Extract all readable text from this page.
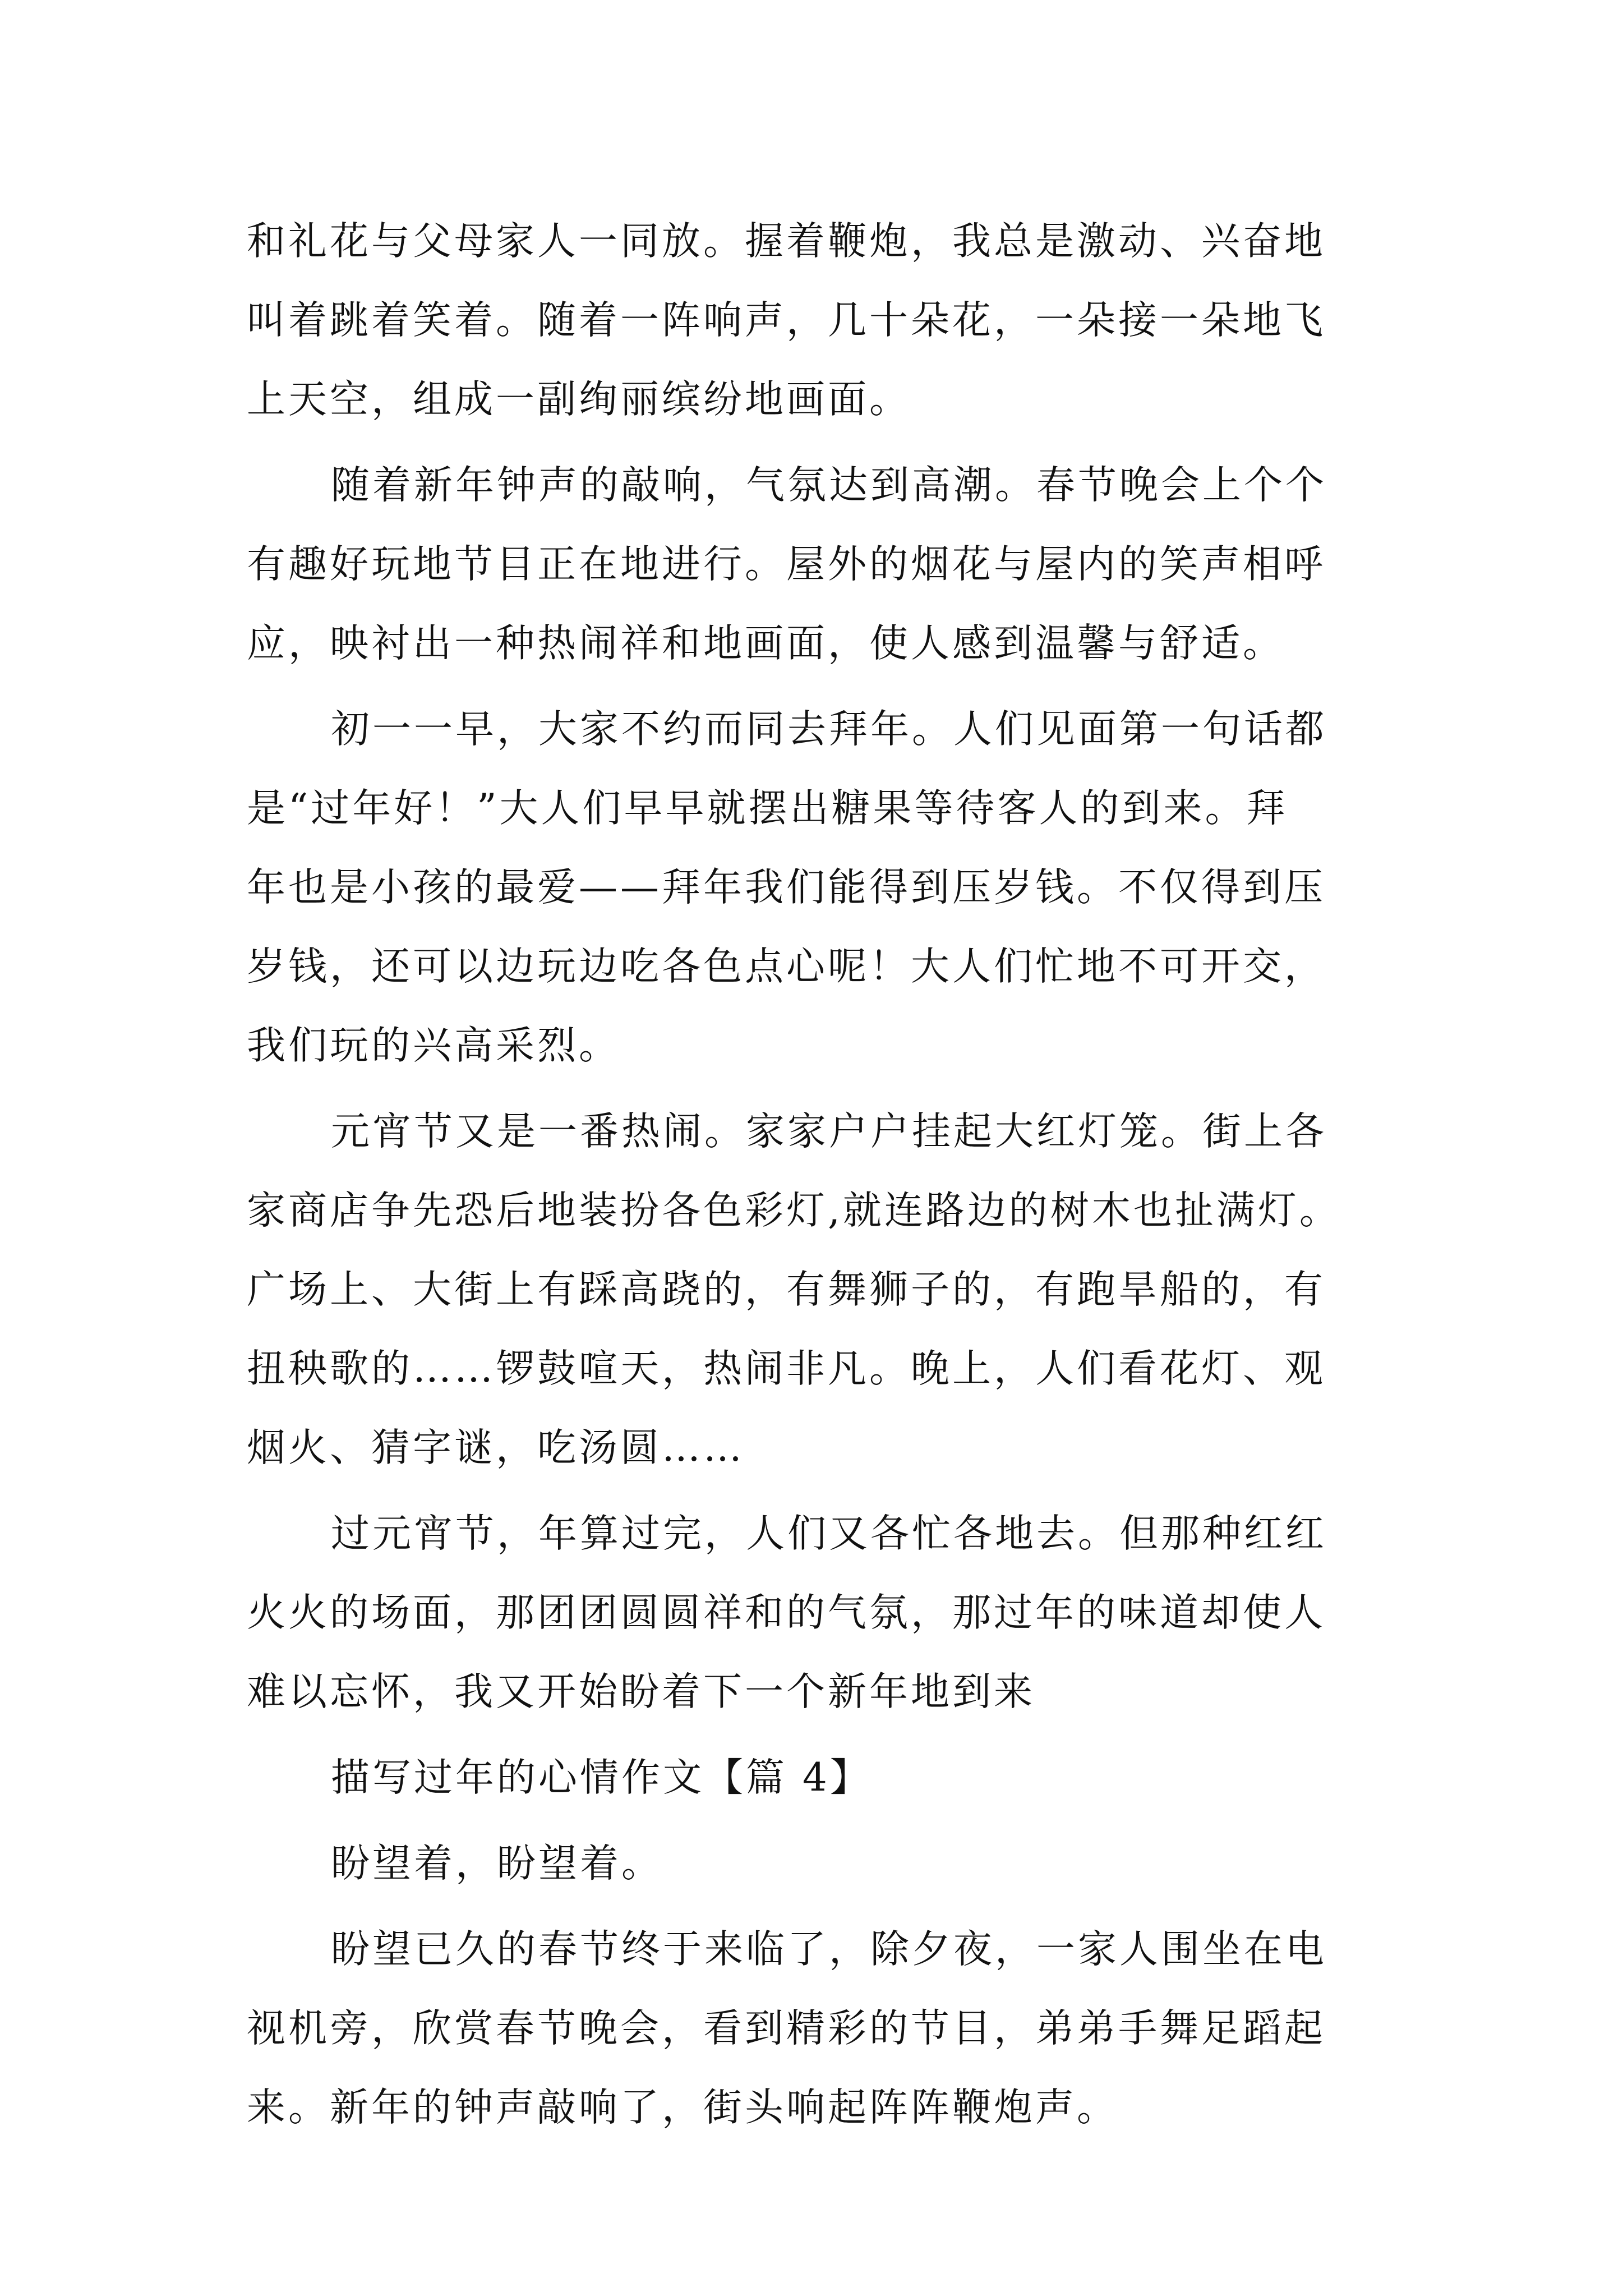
和礼花与父母家人一同放。握着鞭炮，我总是激动、兴奋地
叫着跳着笑着。随着一阵响声，几十朵花，一朵接一朵地飞
上天空，组成一副绚丽缤纷地画面。
随着新年钟声的敲响，气氛达到高潮。春节晚会上个个
有趣好玩地节目正在地进行。屋外的烟花与屋内的笑声相呼
应，映衬出一种热闹祥和地画面，使人感到温馨与舒适。
初一一早，大家不约而同去拜年。人们见面第一句话都
是“过年好！”大人们早早就摆出糖果等待客人的到来。拜
年也是小孩的最爱——拜年我们能得到压岁钱。不仅得到压
岁钱，还可以边玩边吃各色点心呢！大人们忙地不可开交，
我们玩的兴高采烈。
元宵节又是一番热闹。家家户户挂起大红灯笼。街上各
家商店争先恐后地装扮各色彩灯,就连路边的树木也扯满灯。
广场上、大街上有踩高跷的，有舞狮子的，有跑旱船的，有
扭秧歌的……锣鼓喧天，热闹非凡。晚上，人们看花灯、观
烟火、猜字谜，吃汤圆……
过元宵节，年算过完，人们又各忙各地去。但那种红红
火火的场面，那团团圆圆祥和的气氛，那过年的味道却使人
难以忘怀，我又开始盼着下一个新年地到来
描写过年的心情作文【篇 4】
盼望着，盼望着。
盼望已久的春节终于来临了，除夕夜，一家人围坐在电
视机旁，欣赏春节晚会，看到精彩的节目，弟弟手舞足蹈起
来。新年的钟声敲响了，街头响起阵阵鞭炮声。
